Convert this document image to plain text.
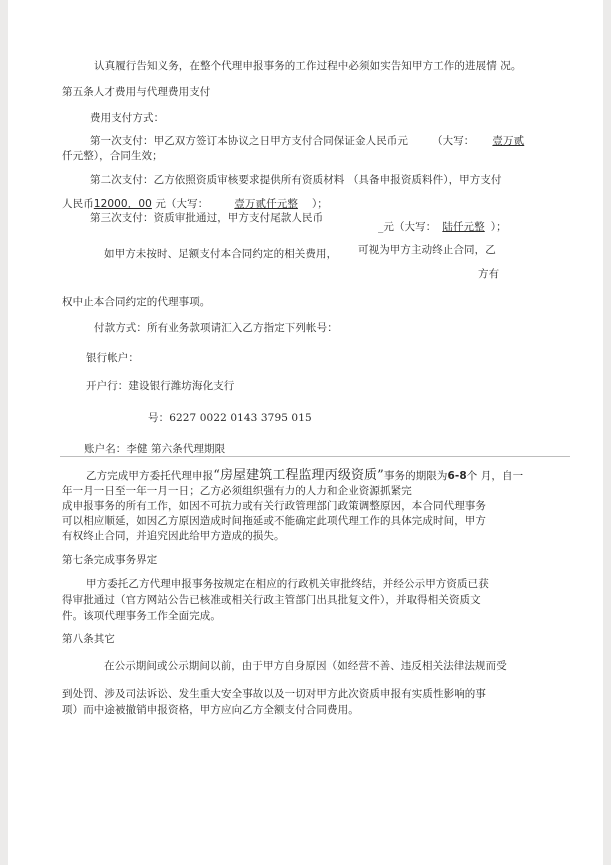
认真履行告知义务，在整个代理申报事务的工作过程中必须如实告知甲方工作的进展情 况。
第五条人才费用与代理费用支付
费用支付方式：
第一次支付：甲乙双方签订本协议之日甲方支付合同保证金人民币元 （大写： 壹万贰
仟元整），合同生效；
第二次支付：乙方依照资质审核要求提供所有资质材料 （具备申报资质料件），甲方支付
人民币12000．00 元（大写： 壹万贰仟元整 ）；
第三次支付：资质审批通过，甲方支付尾款人民币
_元（大写： 陆仟元整 ）；
如甲方未按时、足额支付本合同约定的相关费用， 可视为甲方主动终止合同，乙
方有
权中止本合同约定的代理事项。
付款方式：所有业务款项请汇入乙方指定下列帐号：
银行帐户：
开户行：建设银行潍坊海化支行
号：6227 0022 0143 3795 015
账户名：李健 第六条代理期限
乙方完成甲方委托代理申报“房屋建筑工程监理丙级资质”事务的期限为6-8个 月，自一
年一月一日至一年一月一日；乙方必须组织强有力的人力和企业资源抓紧完
成申报事务的所有工作，如因不可抗力或有关行政管理部门政策调整原因，本合同代理事务
可以相应顺延，如因乙方原因造成时间拖延或不能确定此项代理工作的具体完成时间，甲方
有权终止合同，并追究因此给甲方造成的损失。
第七条完成事务界定
甲方委托乙方代理申报事务按规定在相应的行政机关审批终结，并经公示甲方资质已获
得审批通过（官方网站公告已核准或相关行政主管部门出具批复文件），并取得相关资质文
件。该项代理事务工作全面完成。
第八条其它
在公示期间或公示期间以前，由于甲方自身原因（如经营不善、违反相关法律法规而受
到处罚、涉及司法诉讼、发生重大安全事故以及一切对甲方此次资质申报有实质性影响的事
项）而中途被撤销申报资格，甲方应向乙方全额支付合同费用。
